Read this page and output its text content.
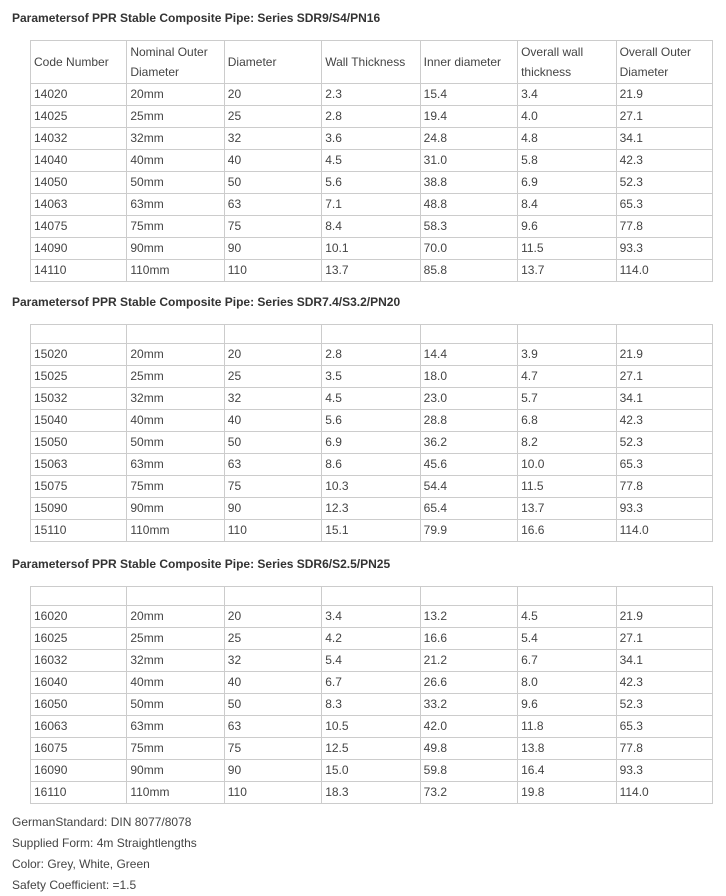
Parametersof PPR Stable Composite Pipe: Series SDR9/S4/PN16
Code Number	Nominal Outer Diameter	Diameter	Wall Thickness	Inner diameter	Overall wall thickness	Overall Outer Diameter
14020	20mm	20	2.3	15.4	3.4	21.9
14025	25mm	25	2.8	19.4	4.0	27.1
14032	32mm	32	3.6	24.8	4.8	34.1
14040	40mm	40	4.5	31.0	5.8	42.3
14050	50mm	50	5.6	38.8	6.9	52.3
14063	63mm	63	7.1	48.8	8.4	65.3
14075	75mm	75	8.4	58.3	9.6	77.8
14090	90mm	90	10.1	70.0	11.5	93.3
14110	110mm	110	13.7	85.8	13.7	114.0
Parametersof PPR Stable Composite Pipe: Series SDR7.4/S3.2/PN20

15020	20mm	20	2.8	14.4	3.9	21.9
15025	25mm	25	3.5	18.0	4.7	27.1
15032	32mm	32	4.5	23.0	5.7	34.1
15040	40mm	40	5.6	28.8	6.8	42.3
15050	50mm	50	6.9	36.2	8.2	52.3
15063	63mm	63	8.6	45.6	10.0	65.3
15075	75mm	75	10.3	54.4	11.5	77.8
15090	90mm	90	12.3	65.4	13.7	93.3
15110	110mm	110	15.1	79.9	16.6	114.0
Parametersof PPR Stable Composite Pipe: Series SDR6/S2.5/PN25

16020	20mm	20	3.4	13.2	4.5	21.9
16025	25mm	25	4.2	16.6	5.4	27.1
16032	32mm	32	5.4	21.2	6.7	34.1
16040	40mm	40	6.7	26.6	8.0	42.3
16050	50mm	50	8.3	33.2	9.6	52.3
16063	63mm	63	10.5	42.0	11.8	65.3
16075	75mm	75	12.5	49.8	13.8	77.8
16090	90mm	90	15.0	59.8	16.4	93.3
16110	110mm	110	18.3	73.2	19.8	114.0
GermanStandard: DIN 8077/8078
Supplied Form: 4m Straightlengths
Color: Grey, White, Green
Safety Coefficient: =1.5
